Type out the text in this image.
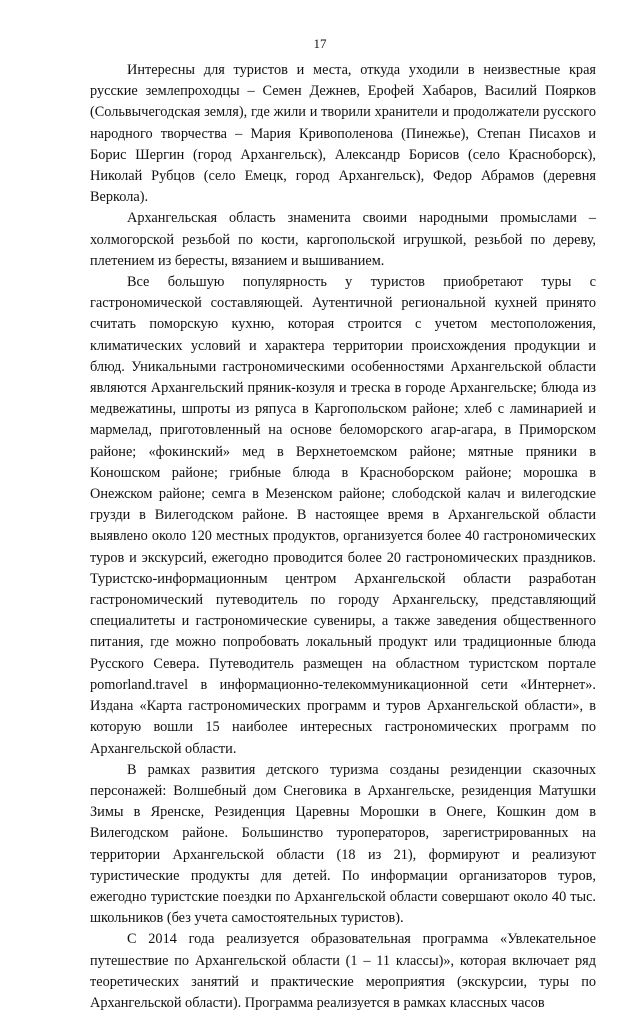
17

Интересны для туристов и места, откуда уходили в неизвестные края русские землепроходцы – Семен Дежнев, Ерофей Хабаров, Василий Поярков (Сольвычегодская земля), где жили и творили хранители и продолжатели русского народного творчества – Мария Кривополенова (Пинежье), Степан Писахов и Борис Шергин (город Архангельск), Александр Борисов (село Красноборск), Николай Рубцов (село Емецк, город Архангельск), Федор Абрамов (деревня Веркола).

Архангельская область знаменита своими народными промыслами – холмогорской резьбой по кости, каргопольской игрушкой, резьбой по дереву, плетением из бересты, вязанием и вышиванием.

Все большую популярность у туристов приобретают туры с гастрономической составляющей. Аутентичной региональной кухней принято считать поморскую кухню, которая строится с учетом местоположения, климатических условий и характера территории происхождения продукции и блюд. Уникальными гастрономическими особенностями Архангельской области являются Архангельский пряник-козуля и треска в городе Архангельске; блюда из медвежатины, шпроты из ряпуса в Каргопольском районе; хлеб с ламинарией и мармелад, приготовленный на основе беломорского агар-агара, в Приморском районе; «фокинский» мед в Верхнетоемском районе; мятные пряники в Коношском районе; грибные блюда в Красноборском районе; морошка в Онежском районе; семга в Мезенском районе; слободской калач и вилегодские грузди в Вилегодском районе. В настоящее время в Архангельской области выявлено около 120 местных продуктов, организуется более 40 гастрономических туров и экскурсий, ежегодно проводится более 20 гастрономических праздников. Туристско-информационным центром Архангельской области разработан гастрономический путеводитель по городу Архангельску, представляющий специалитеты и гастрономические сувениры, а также заведения общественного питания, где можно попробовать локальный продукт или традиционные блюда Русского Севера. Путеводитель размещен на областном туристском портале pomorland.travel в информационно-телекоммуникационной сети «Интернет». Издана «Карта гастрономических программ и туров Архангельской области», в которую вошли 15 наиболее интересных гастрономических программ по Архангельской области.

В рамках развития детского туризма созданы резиденции сказочных персонажей: Волшебный дом Снеговика в Архангельске, резиденция Матушки Зимы в Яренске, Резиденция Царевны Морошки в Онеге, Кошкин дом в Вилегодском районе. Большинство туроператоров, зарегистрированных на территории Архангельской области (18 из 21), формируют и реализуют туристические продукты для детей. По информации организаторов туров, ежегодно туристские поездки по Архангельской области совершают около 40 тыс. школьников (без учета самостоятельных туристов).

С 2014 года реализуется образовательная программа «Увлекательное путешествие по Архангельской области (1 – 11 классы)», которая включает ряд теоретических занятий и практические мероприятия (экскурсии, туры по Архангельской области). Программа реализуется в рамках классных часов
